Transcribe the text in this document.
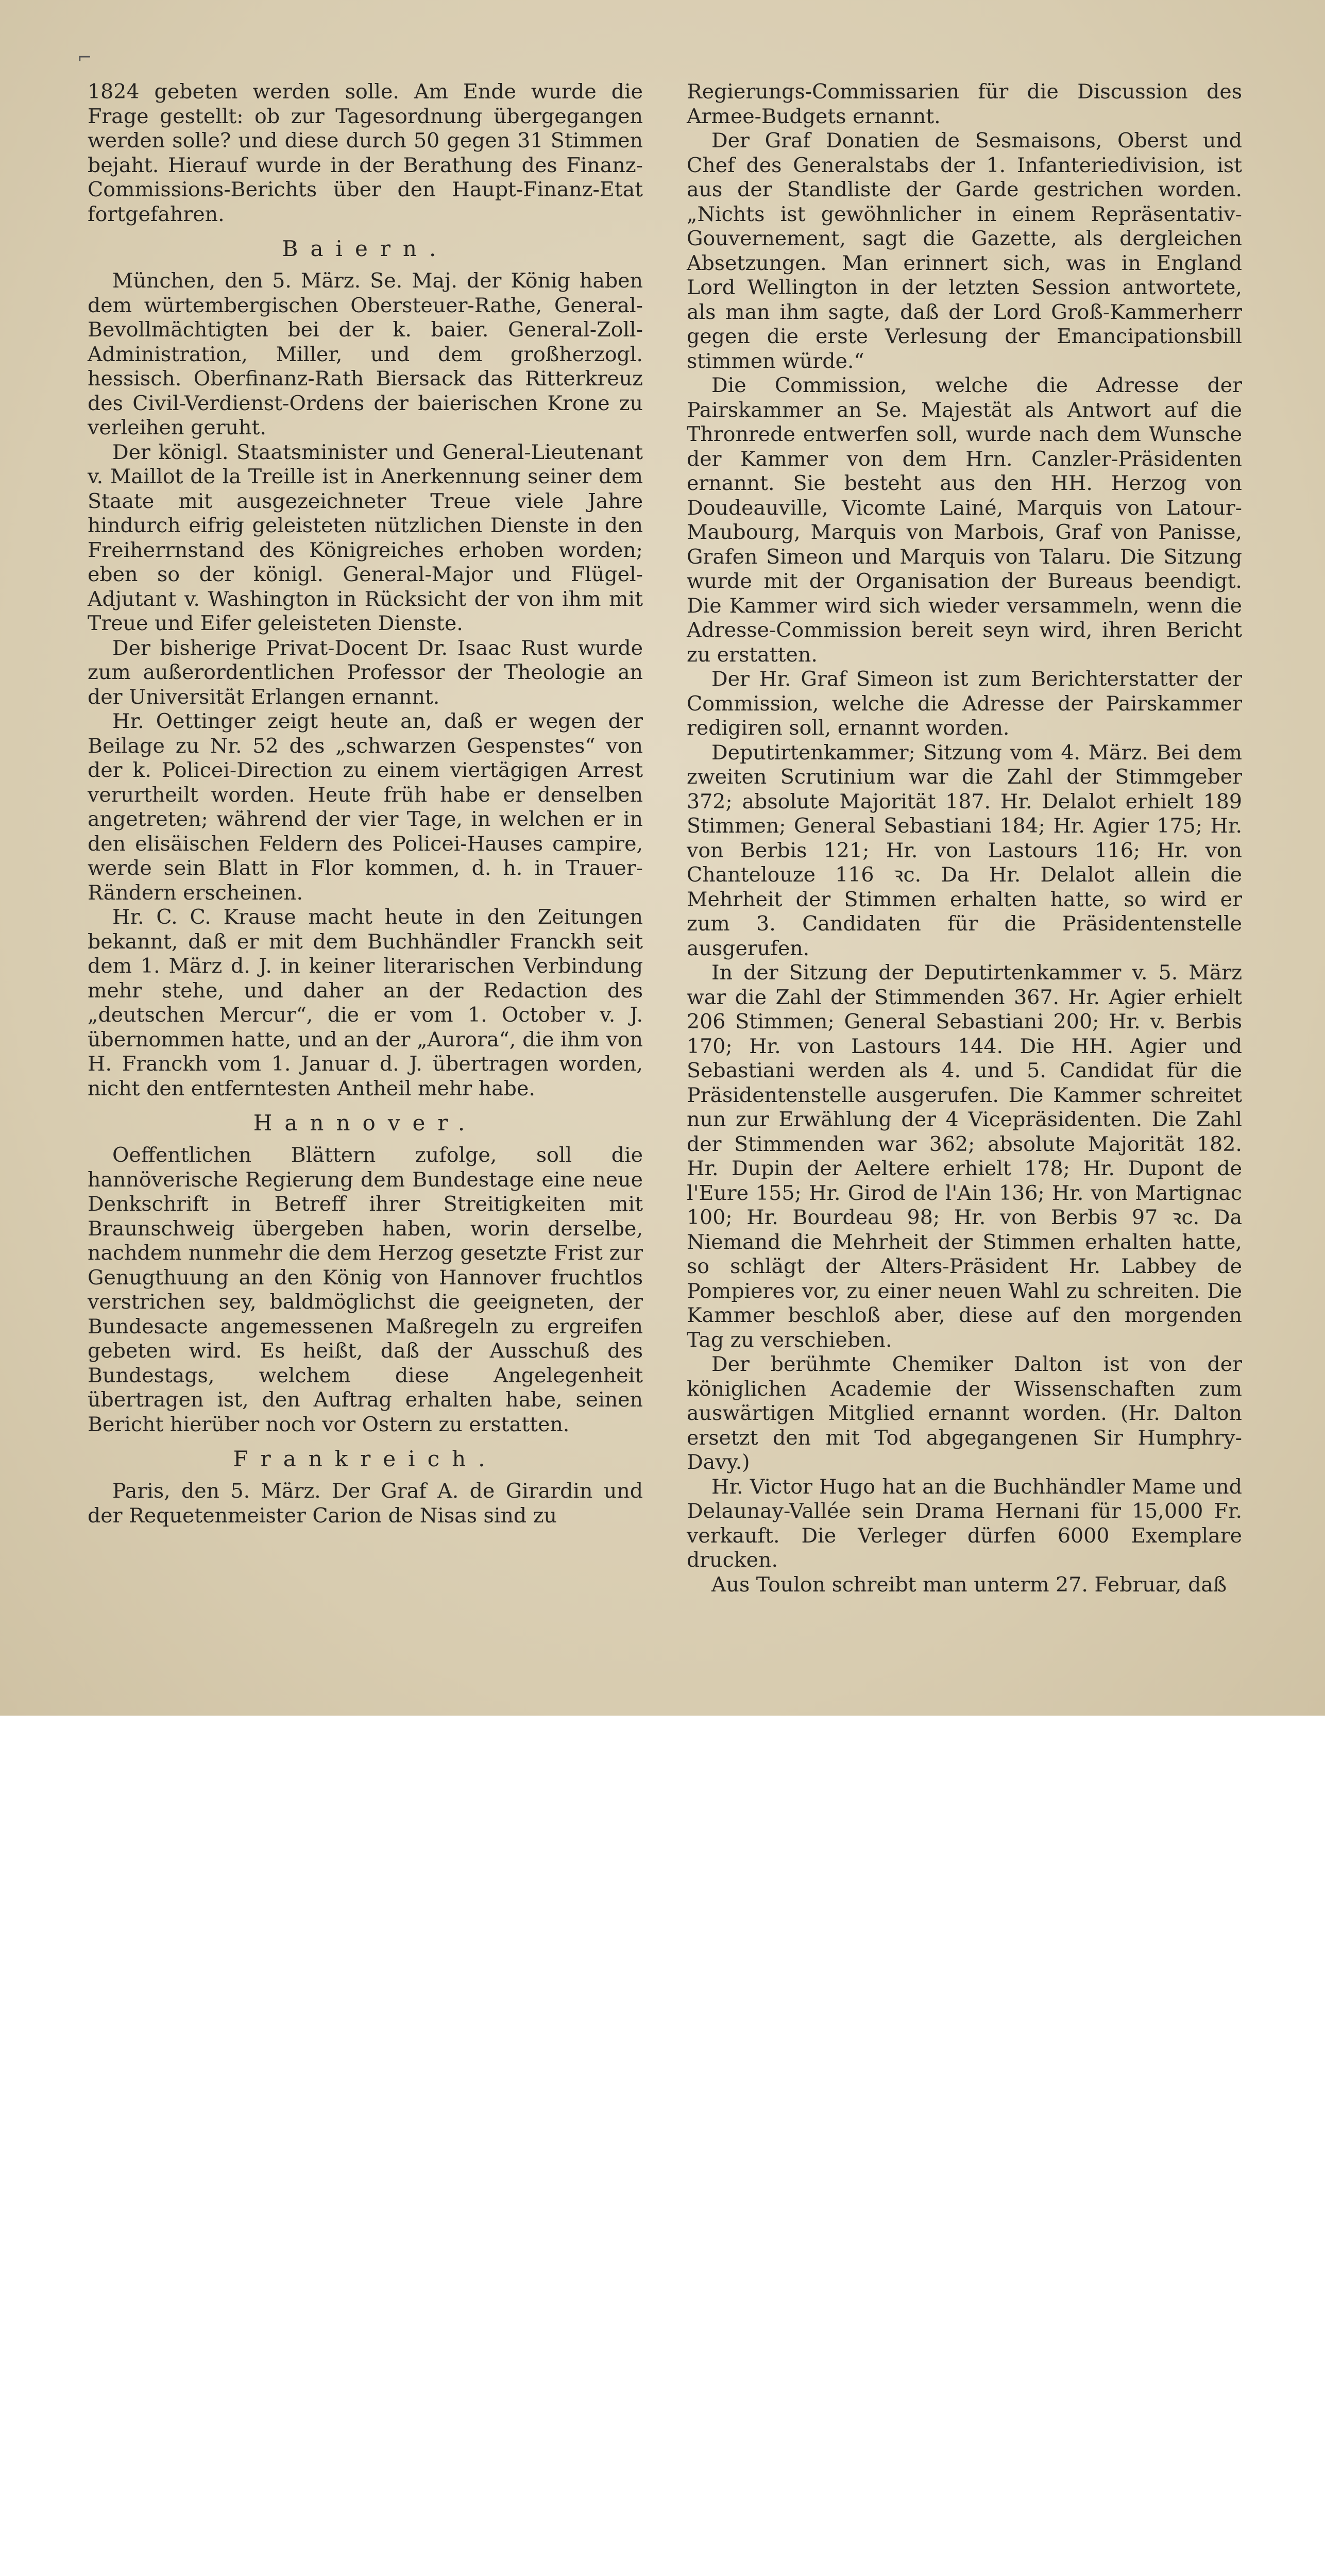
⌐

1824 gebeten werden solle. Am Ende wurde die Frage gestellt: ob zur Tagesordnung übergegangen werden solle? und diese durch 50 gegen 31 Stimmen bejaht. Hierauf wurde in der Berathung des Finanz-Commissions-Berichts über den Haupt-Finanz-Etat fortgefahren.

Baiern.

München, den 5. März. Se. Maj. der König haben dem würtembergischen Obersteuer-Rathe, General-Bevollmächtigten bei der k. baier. General-Zoll-Administration, Miller, und dem großherzogl. hessisch. Oberfinanz-Rath Biersack das Ritterkreuz des Civil-Verdienst-Ordens der baierischen Krone zu verleihen geruht.

Der königl. Staatsminister und General-Lieutenant v. Maillot de la Treille ist in Anerkennung seiner dem Staate mit ausgezeichneter Treue viele Jahre hindurch eifrig geleisteten nützlichen Dienste in den Freiherrnstand des Königreiches erhoben worden; eben so der königl. General-Major und Flügel-Adjutant v. Washington in Rücksicht der von ihm mit Treue und Eifer geleisteten Dienste.

Der bisherige Privat-Docent Dr. Isaac Rust wurde zum außerordentlichen Professor der Theologie an der Universität Erlangen ernannt.

Hr. Oettinger zeigt heute an, daß er wegen der Beilage zu Nr. 52 des „schwarzen Gespenstes“ von der k. Policei-Direction zu einem viertägigen Arrest verurtheilt worden. Heute früh habe er denselben angetreten; während der vier Tage, in welchen er in den elisäischen Feldern des Policei-Hauses campire, werde sein Blatt in Flor kommen, d. h. in Trauer-Rändern erscheinen.

Hr. C. C. Krause macht heute in den Zeitungen bekannt, daß er mit dem Buchhändler Franckh seit dem 1. März d. J. in keiner literarischen Verbindung mehr stehe, und daher an der Redaction des „deutschen Mercur“, die er vom 1. October v. J. übernommen hatte, und an der „Aurora“, die ihm von H. Franckh vom 1. Januar d. J. übertragen worden, nicht den entferntesten Antheil mehr habe.

Hannover.

Oeffentlichen Blättern zufolge, soll die hannöverische Regierung dem Bundestage eine neue Denkschrift in Betreff ihrer Streitigkeiten mit Braunschweig übergeben haben, worin derselbe, nachdem nunmehr die dem Herzog gesetzte Frist zur Genugthuung an den König von Hannover fruchtlos verstrichen sey, baldmöglichst die geeigneten, der Bundesacte angemessenen Maßregeln zu ergreifen gebeten wird. Es heißt, daß der Ausschuß des Bundestags, welchem diese Angelegenheit übertragen ist, den Auftrag erhalten habe, seinen Bericht hierüber noch vor Ostern zu erstatten.

Frankreich.

Paris, den 5. März. Der Graf A. de Girardin und der Requetenmeister Carion de Nisas sind zu

Regierungs-Commissarien für die Discussion des Armee-Budgets ernannt.

Der Graf Donatien de Sesmaisons, Oberst und Chef des Generalstabs der 1. Infanteriedivision, ist aus der Standliste der Garde gestrichen worden. „Nichts ist gewöhnlicher in einem Repräsentativ-Gouvernement, sagt die Gazette, als dergleichen Absetzungen. Man erinnert sich, was in England Lord Wellington in der letzten Session antwortete, als man ihm sagte, daß der Lord Groß-Kammerherr gegen die erste Verlesung der Emancipationsbill stimmen würde.“

Die Commission, welche die Adresse der Pairskammer an Se. Majestät als Antwort auf die Thronrede entwerfen soll, wurde nach dem Wunsche der Kammer von dem Hrn. Canzler-Präsidenten ernannt. Sie besteht aus den HH. Herzog von Doudeauville, Vicomte Lainé, Marquis von Latour-Maubourg, Marquis von Marbois, Graf von Panisse, Grafen Simeon und Marquis von Talaru. Die Sitzung wurde mit der Organisation der Bureaus beendigt. Die Kammer wird sich wieder versammeln, wenn die Adresse-Commission bereit seyn wird, ihren Bericht zu erstatten.

Der Hr. Graf Simeon ist zum Berichterstatter der Commission, welche die Adresse der Pairskammer redigiren soll, ernannt worden.

Deputirtenkammer; Sitzung vom 4. März. Bei dem zweiten Scrutinium war die Zahl der Stimmgeber 372; absolute Majorität 187. Hr. Delalot erhielt 189 Stimmen; General Sebastiani 184; Hr. Agier 175; Hr. von Berbis 121; Hr. von Lastours 116; Hr. von Chantelouze 116 ꝛc. Da Hr. Delalot allein die Mehrheit der Stimmen erhalten hatte, so wird er zum 3. Candidaten für die Präsidentenstelle ausgerufen.

In der Sitzung der Deputirtenkammer v. 5. März war die Zahl der Stimmenden 367. Hr. Agier erhielt 206 Stimmen; General Sebastiani 200; Hr. v. Berbis 170; Hr. von Lastours 144. Die HH. Agier und Sebastiani werden als 4. und 5. Candidat für die Präsidentenstelle ausgerufen. Die Kammer schreitet nun zur Erwählung der 4 Vicepräsidenten. Die Zahl der Stimmenden war 362; absolute Majorität 182. Hr. Dupin der Aeltere erhielt 178; Hr. Dupont de l'Eure 155; Hr. Girod de l'Ain 136; Hr. von Martignac 100; Hr. Bourdeau 98; Hr. von Berbis 97 ꝛc. Da Niemand die Mehrheit der Stimmen erhalten hatte, so schlägt der Alters-Präsident Hr. Labbey de Pompieres vor, zu einer neuen Wahl zu schreiten. Die Kammer beschloß aber, diese auf den morgenden Tag zu verschieben.

Der berühmte Chemiker Dalton ist von der königlichen Academie der Wissenschaften zum auswärtigen Mitglied ernannt worden. (Hr. Dalton ersetzt den mit Tod abgegangenen Sir Humphry-Davy.)

Hr. Victor Hugo hat an die Buchhändler Mame und Delaunay-Vallée sein Drama Hernani für 15,000 Fr. verkauft. Die Verleger dürfen 6000 Exemplare drucken.

Aus Toulon schreibt man unterm 27. Februar, daß
